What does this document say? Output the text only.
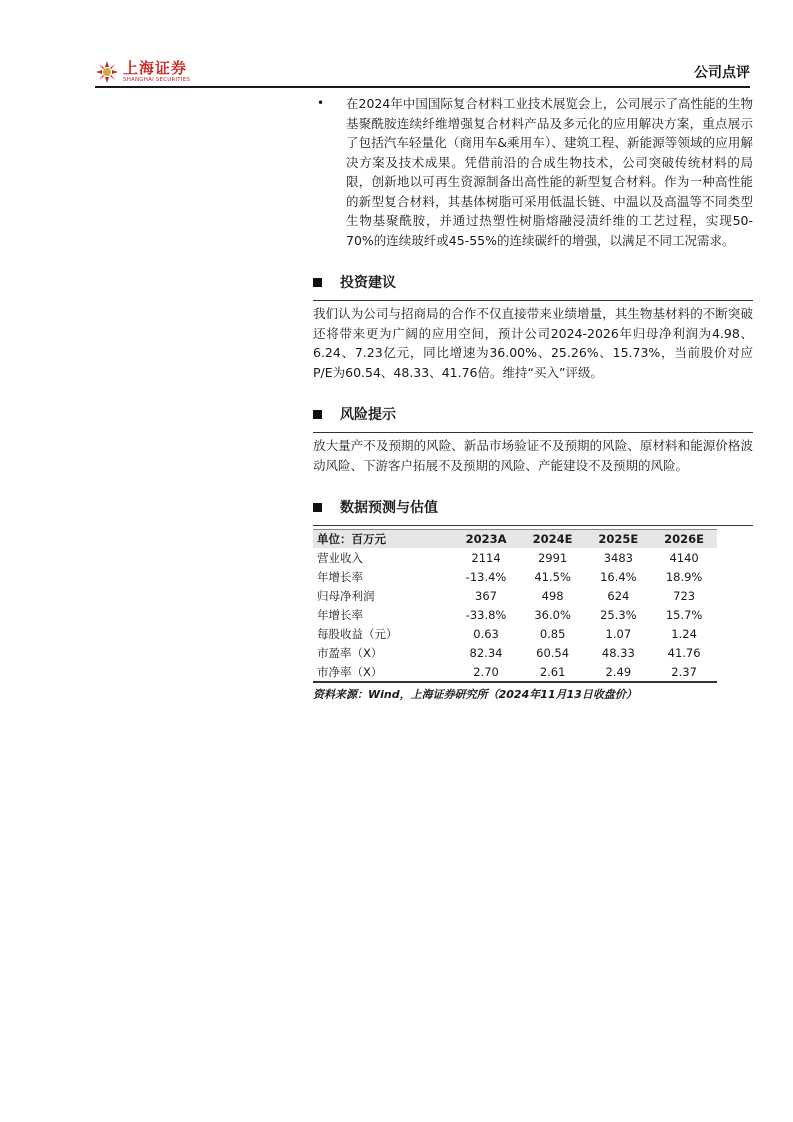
上海证券
SHANGHAI SECURITIES	公司点评
• 在2024年中国国际复合材料工业技术展览会上，公司展示了高性能的生物基聚酰胺连续纤维增强复合材料产品及多元化的应用解决方案，重点展示了包括汽车轻量化（商用车&乘用车）、建筑工程、新能源等领域的应用解决方案及技术成果。凭借前沿的合成生物技术，公司突破传统材料的局限，创新地以可再生资源制备出高性能的新型复合材料。作为一种高性能的新型复合材料，其基体树脂可采用低温长链、中温以及高温等不同类型生物基聚酰胺，并通过热塑性树脂熔融浸渍纤维的工艺过程，实现50-70%的连续玻纤或45-55%的连续碳纤的增强，以满足不同工况需求。
投资建议
我们认为公司与招商局的合作不仅直接带来业绩增量，其生物基材料的不断突破还将带来更为广阔的应用空间，预计公司2024-2026年归母净利润为4.98、6.24、7.23亿元，同比增速为36.00%、25.26%、15.73%，当前股价对应P/E为60.54、48.33、41.76倍。维持“买入”评级。
风险提示
放大量产不及预期的风险、新品市场验证不及预期的风险、原材料和能源价格波动风险、下游客户拓展不及预期的风险、产能建设不及预期的风险。
数据预测与估值
单位：百万元	2023A	2024E	2025E	2026E
营业收入	2114	2991	3483	4140
年增长率	-13.4%	41.5%	16.4%	18.9%
归母净利润	367	498	624	723
年增长率	-33.8%	36.0%	25.3%	15.7%
每股收益（元）	0.63	0.85	1.07	1.24
市盈率（X）	82.34	60.54	48.33	41.76
市净率（X）	2.70	2.61	2.49	2.37
资料来源：Wind，上海证券研究所（2024年11月13日收盘价）
